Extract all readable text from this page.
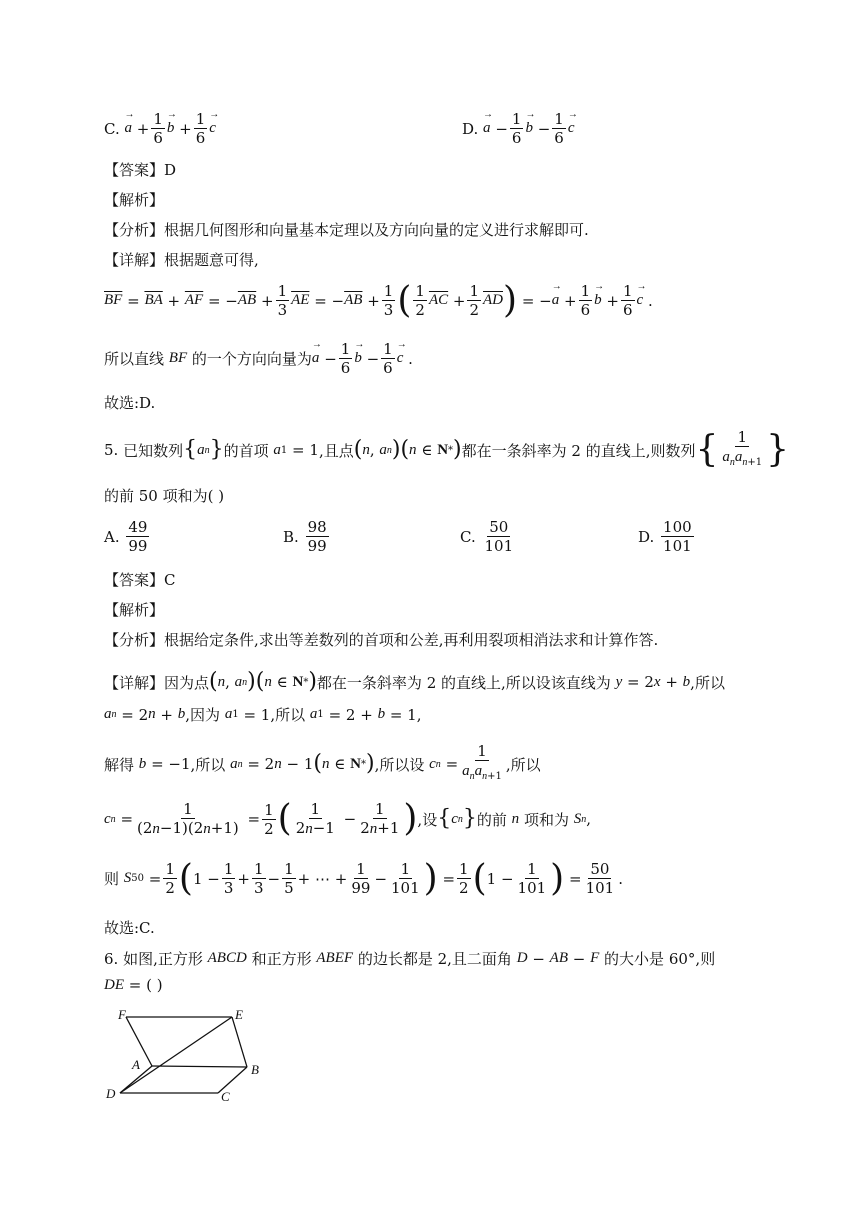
C.
→ $a + \frac{1}{6} \to b + \frac{1}{6} \to c$	D.
→ $a - \frac{1}{6} \to b - \frac{1}{6} \to c$
【答案】D
【解析】
【分析】根据几何图形和向量基本定理以及方向向量的定义进行求解即可.
【详解】根据题意可得,
$\overline{BF} = \overline{BA} + \overline{AF}$ = − $\overline{AB} + \frac{1}{3} \overline{AE}$ = − $\overline{AB} + \frac{1}{3}$ ( $\frac{1}{2} \overline{AC} + \frac{1}{2} \overline{AD}$ ) = − → $a + \frac{1}{6} \to b + \frac{1}{6} \to c$ .
所以直线
BF
的一个方向向量为 → $a - \frac{1}{6} \to b - \frac{1}{6} \to c$ .
故选:D.
5.
已知数列 { a n } 的首项
a 1 = 1 ,且点 ( n , a n ) ( n ∈ N * ) 都在一条斜率为 2 的直线上,则数列 { $\frac{1}{a_na_{n+1}}$ }
的前 50 项和为( )
A.
$\frac{49}{99}$	B.
$\frac{98}{99}$	C.
$\frac{50}{101}$	D.
$\frac{100}{101}$
【答案】C
【解析】
【分析】根据给定条件,求出等差数列的首项和公差,再利用裂项相消法求和计算作答.
【详解】因为点 ( n , a n ) ( n ∈ N * ) 都在一条斜率为 2 的直线上,所以设该直线为
y = 2 x + b ,所以
a n = 2 n + b ,因为
a 1 = 1 ,所以
a 1 = 2 + b = 1,
解得
b = −1 ,所以
a n = 2 n − 1 ( n ∈ N * ) ,所以设
c $n = \frac{1}{a_na_{n+1}}$ ,所以
c $n = \frac{1}{(2n-1)(2n+1)} = \frac{1}{2}$ ( $\frac{1}{2n-1} - \frac{1}{2n+1}$ ) ,设 { c n } 的前
n
项和为
S n ,
则
S $50 = \frac{1}{2}$ ( $1 - \frac{1}{3} + \frac{1}{3} - \frac{1}{5}$ + ⋯ + $\frac{1}{99} - \frac{1}{101}$ ) = $\frac{1}{2}$ ( $1 - \frac{1}{101}$ ) = $\frac{50}{101}$ .
故选:C.
6. 如图,正方形
ABCD
和正方形
ABEF
的边长都是 2,且二面角
D − AB − F
的大小是 60° ,则
DE = ( )
F	E
A	B
D	C
